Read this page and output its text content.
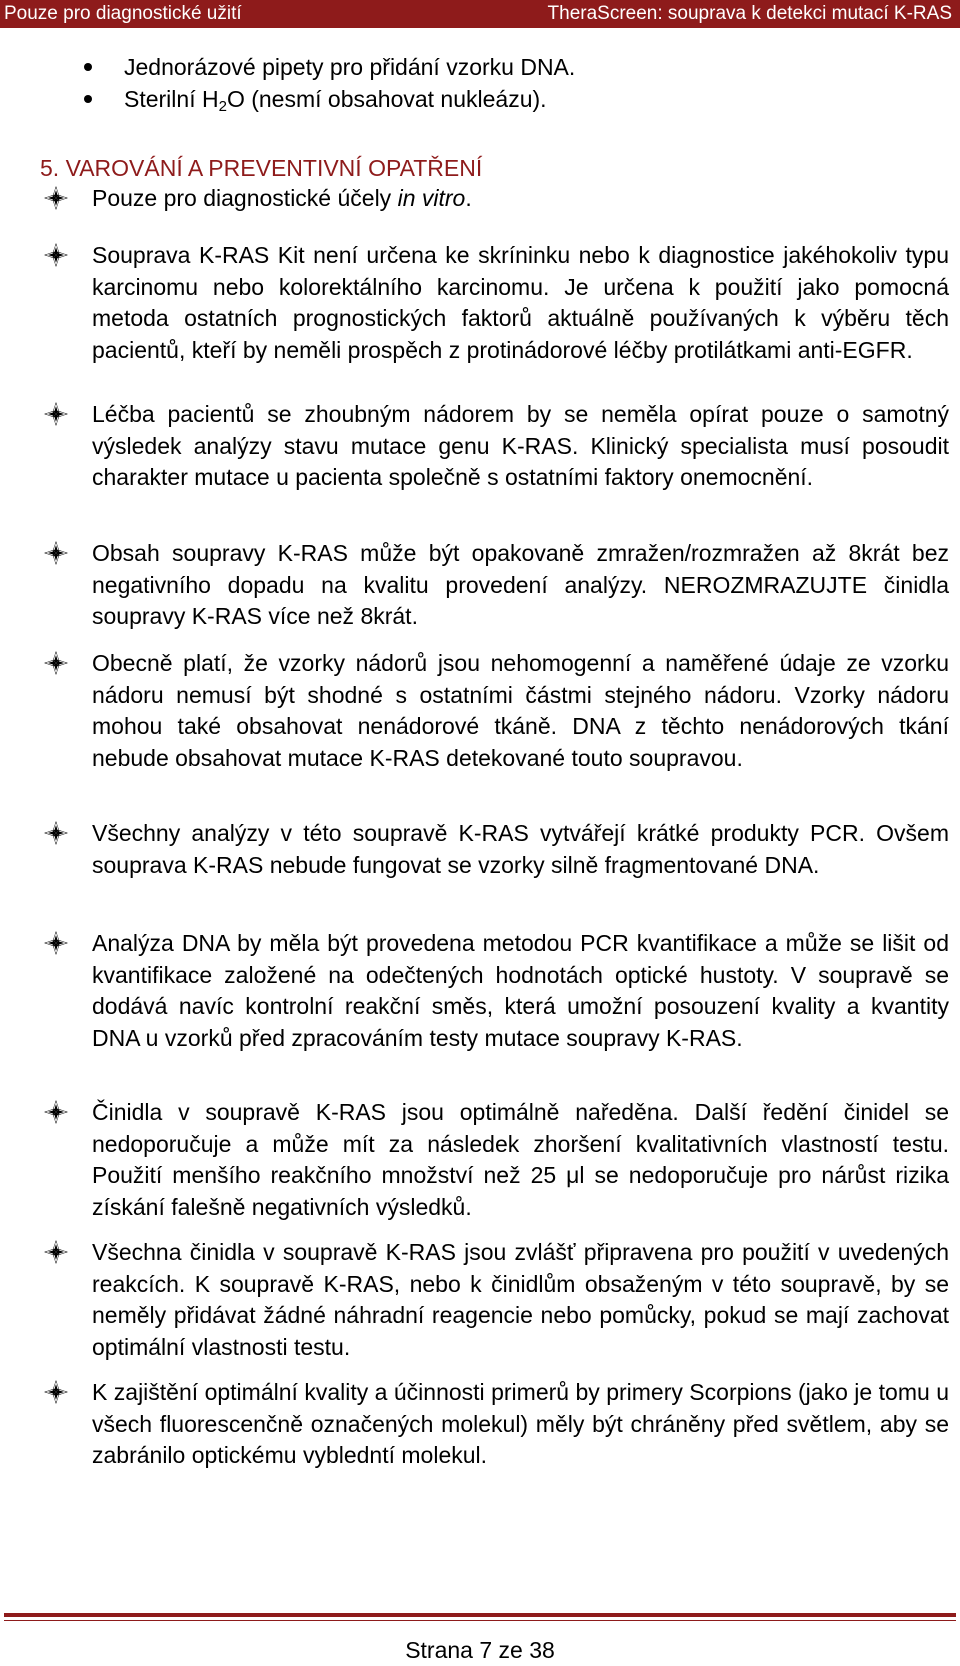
Pouze pro diagnostické užití	TheraScreen: souprava k detekci mutací K-RAS
Jednorázové pipety pro přidání vzorku DNA.
Sterilní $H_2O$ (nesmí obsahovat nukleázu).
5. VAROVÁNÍ A PREVENTIVNÍ OPATŘENÍ
Pouze pro diagnostické účely in vitro.
Souprava K-RAS Kit není určena ke skríninku nebo k diagnostice jakéhokoliv typu karcinomu nebo kolorektálního karcinomu. Je určena k použití jako pomocná metoda ostatních prognostických faktorů aktuálně používaných k výběru těch pacientů, kteří by neměli prospěch z protinádorové léčby protilátkami anti-EGFR.
Léčba pacientů se zhoubným nádorem by se neměla opírat pouze o samotný výsledek analýzy stavu mutace genu K-RAS. Klinický specialista musí posoudit charakter mutace u pacienta společně s ostatními faktory onemocnění.
Obsah soupravy K-RAS může být opakovaně zmražen/rozmražen až 8krát bez negativního dopadu na kvalitu provedení analýzy. NEROZMRAZUJTE činidla soupravy K-RAS více než 8krát.
Obecně platí, že vzorky nádorů jsou nehomogenní a naměřené údaje ze vzorku nádoru nemusí být shodné s ostatními částmi stejného nádoru. Vzorky nádoru mohou také obsahovat nenádorové tkáně. DNA z těchto nenádorových tkání nebude obsahovat mutace K-RAS detekované touto soupravou.
Všechny analýzy v této soupravě K-RAS vytvářejí krátké produkty PCR. Ovšem souprava K-RAS nebude fungovat se vzorky silně fragmentované DNA.
Analýza DNA by měla být provedena metodou PCR kvantifikace a může se lišit od kvantifikace založené na odečtených hodnotách optické hustoty. V soupravě se dodává navíc kontrolní reakční směs, která umožní posouzení kvality a kvantity DNA u vzorků před zpracováním testy mutace soupravy K-RAS.
Činidla v soupravě K-RAS jsou optimálně naředěna. Další ředění činidel se nedoporučuje a může mít za následek zhoršení kvalitativních vlastností testu. Použití menšího reakčního množství než 25 μl se nedoporučuje pro nárůst rizika získání falešně negativních výsledků.
Všechna činidla v soupravě K-RAS jsou zvlášť připravena pro použití v uvedených reakcích. K soupravě K-RAS, nebo k činidlům obsaženým v této soupravě, by se neměly přidávat žádné náhradní reagencie nebo pomůcky, pokud se mají zachovat optimální vlastnosti testu.
K zajištění optimální kvality a účinnosti primerů by primery Scorpions (jako je tomu u všech fluorescenčně označených molekul) měly být chráněny před světlem, aby se zabránilo optickému vybledntí molekul.
Strana 7 ze 38
